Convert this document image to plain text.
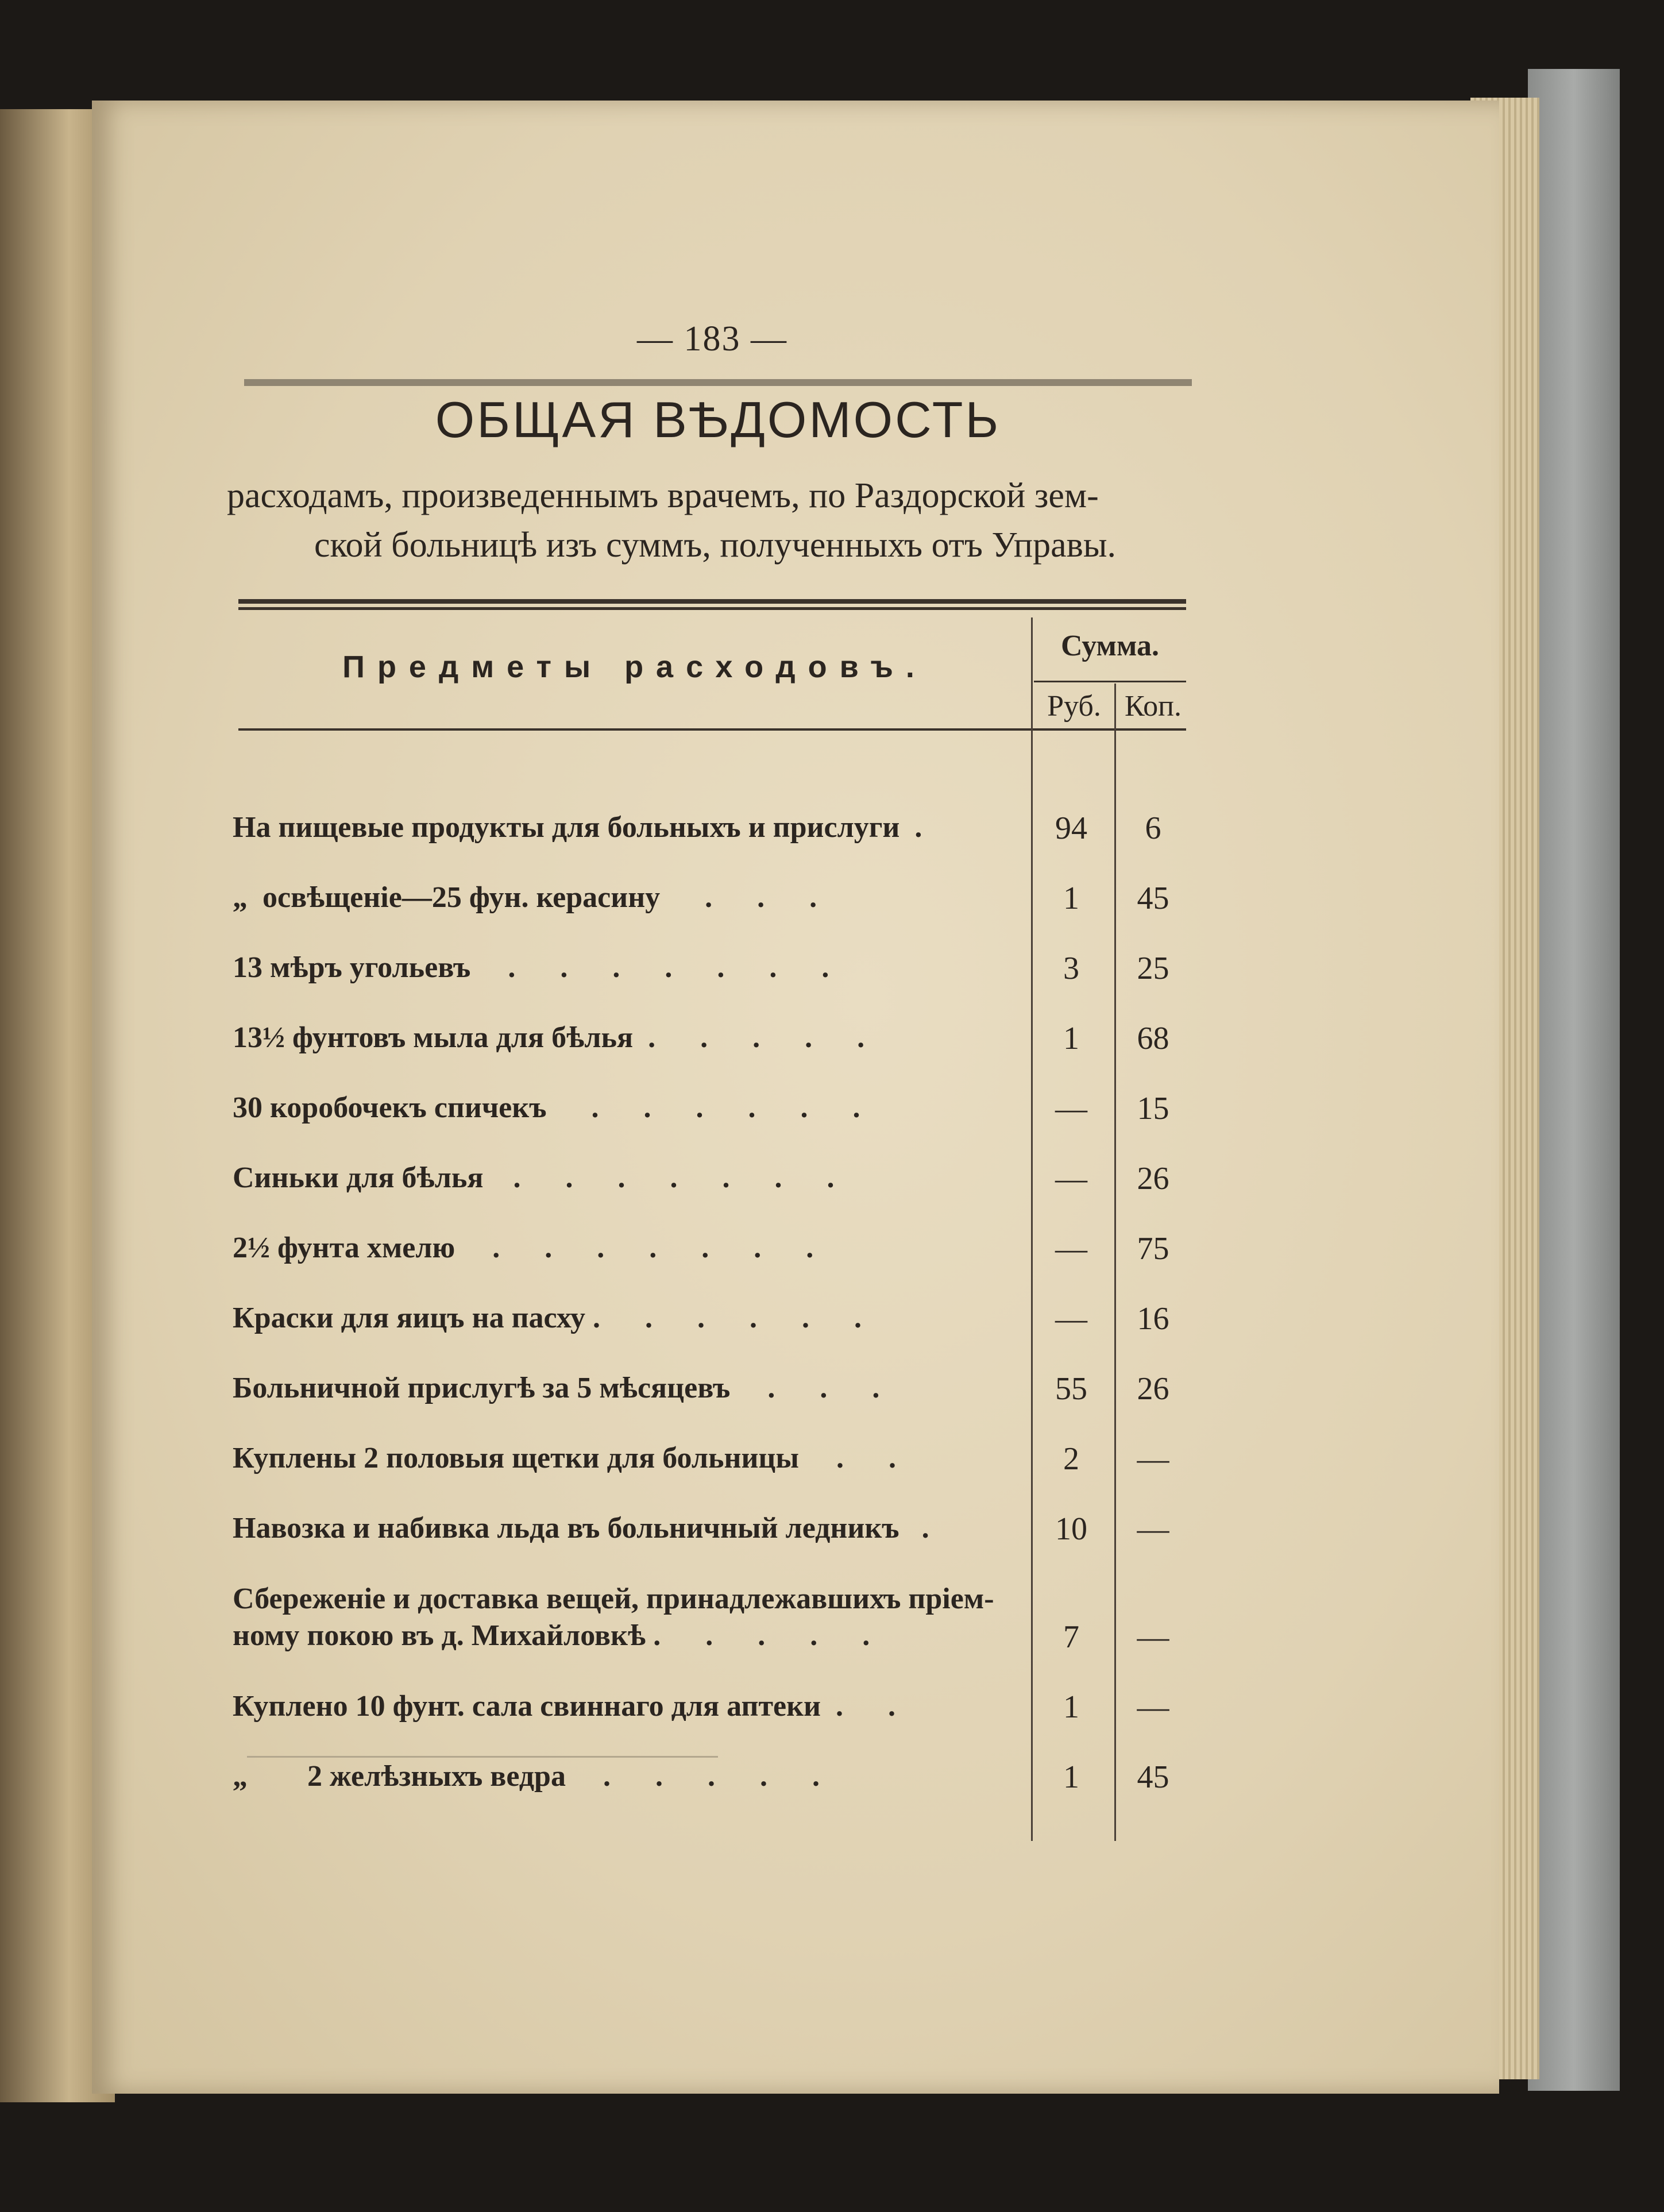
— 183 —
ОБЩАЯ ВѢДОМОСТЬ
расходамъ, произведеннымъ врачемъ, по Раздорской зем-
ской больницѣ изъ суммъ, полученныхъ отъ Управы.
Предметы расходовъ.
Сумма.
Руб. Коп.
На пищевые продукты для больныхъ и прислуги  .	94	6
„  освѣщеніе—25 фун. керасину      .      .      .	1	45
13 мѣръ угольевъ     .      .      .      .      .      .      .	3	25
13½ фунтовъ мыла для бѣлья  .      .      .      .      .	1	68
30 коробочекъ спичекъ      .      .      .      .      .      .	—	15
Синьки для бѣлья    .      .      .      .      .      .      .	—	26
2½ фунта хмелю     .      .      .      .      .      .      .	—	75
Краски для яицъ на пасху .      .      .      .      .      .	—	16
Больничной прислугѣ за 5 мѣсяцевъ     .      .      .	55	26
Куплены 2 половыя щетки для больницы     .      .	2	—
Навозка и набивка льда въ больничный ледникъ   .	10	—
Сбереженіе и доставка вещей, принадлежавшихъ пріем-
ному покою въ д. Михайловкѣ .      .      .      .      .	7	—
Куплено 10 фунт. сала свиннаго для аптеки  .      .	1	—
„        2 желѣзныхъ ведра     .      .      .      .      .	1	45
